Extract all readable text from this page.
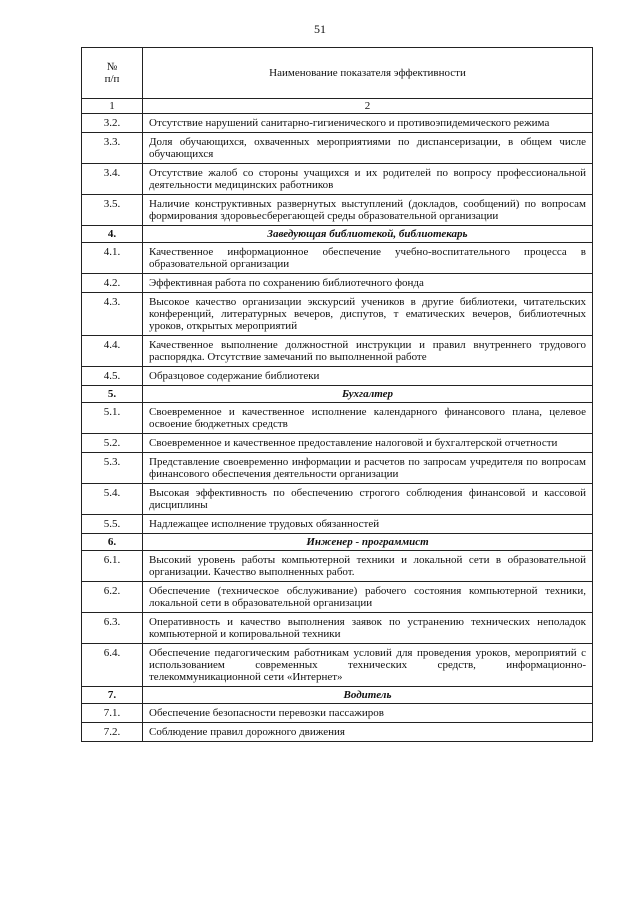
51
№
п/п	Наименование показателя эффективности
1	2
3.2.	Отсутствие нарушений санитарно-гигиенического и противоэпидемического режима
3.3.	Доля обучающихся, охваченных мероприятиями по диспансеризации, в общем числе обучающихся
3.4.	Отсутствие жалоб со стороны учащихся и их родителей по вопросу профессиональной деятельности медицинских работников
3.5.	Наличие конструктивных развернутых выступлений (докладов, сообщений) по вопросам формирования здоровьесберегающей среды образовательной организации
4.	Заведующая библиотекой, библиотекарь
4.1.	Качественное информационное обеспечение учебно-воспитательного процесса в образовательной организации
4.2.	Эффективная работа по сохранению библиотечного фонда
4.3.	Высокое качество организации экскурсий учеников в другие библиотеки, читательских конференций, литературных вечеров, диспутов, т ематических вечеров, библиотечных уроков, открытых мероприятий
4.4.	Качественное выполнение должностной инструкции и правил внутреннего трудового распорядка. Отсутствие замечаний по выполненной работе
4.5.	Образцовое содержание библиотеки
5.	Бухгалтер
5.1.	Своевременное и качественное исполнение календарного финансового плана, целевое освоение бюджетных средств
5.2.	Своевременное и качественное предоставление налоговой и бухгалтерской отчетности
5.3.	Представление своевременно информации и расчетов по запросам учредителя по вопросам финансового обеспечения деятельности организации
5.4.	Высокая эффективность по обеспечению строгого соблюдения финансовой и кассовой дисциплины
5.5.	Надлежащее исполнение трудовых обязанностей
6.	Инженер - программист
6.1.	Высокий уровень работы компьютерной техники и локальной сети в образовательной организации. Качество выполненных работ.
6.2.	Обеспечение (техническое обслуживание) рабочего состояния компьютерной техники, локальной сети в образовательной организации
6.3.	Оперативность и качество выполнения заявок по устранению технических неполадок компьютерной и копировальной техники
6.4.	Обеспечение педагогическим работникам условий для проведения уроков, мероприятий с использованием современных технических средств, информационно-телекоммуникационной сети «Интернет»
7.	Водитель
7.1.	Обеспечение безопасности перевозки пассажиров
7.2.	Соблюдение правил дорожного движения
